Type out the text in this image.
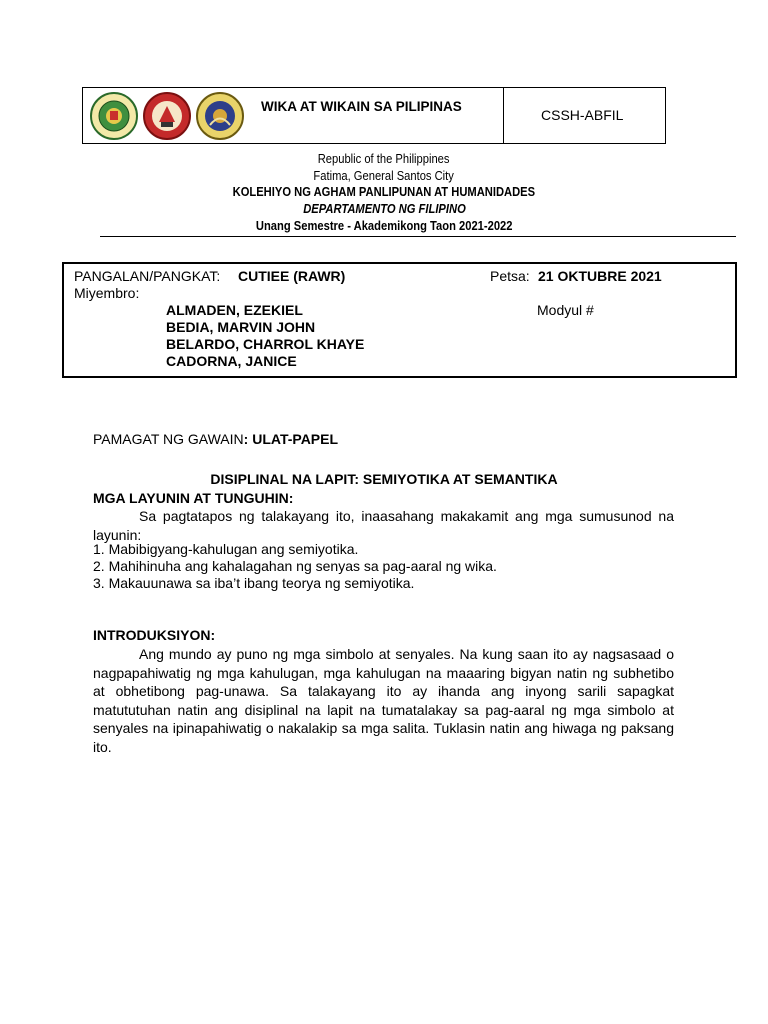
WIKA AT WIKAIN SA PILIPINAS
CSSH-ABFIL
Republic of the Philippines
Fatima, General Santos City
KOLEHIYO NG AGHAM PANLIPUNAN AT HUMANIDADES
DEPARTAMENTO NG FILIPINO
Unang Semestre - Akademikong Taon 2021-2022
PANGALAN/PANGKAT: CUTIEE (RAWR)	Petsa: 21 OKTUBRE 2021
Miyembro:
ALMADEN, EZEKIEL
BEDIA, MARVIN JOHN
BELARDO, CHARROL KHAYE
CADORNA, JANICE
Modyul #
PAMAGAT NG GAWAIN: ULAT-PAPEL
DISIPLINAL NA LAPIT: SEMIYOTIKA AT SEMANTIKA
MGA LAYUNIN AT TUNGUHIN:
Sa pagtatapos ng talakayang ito, inaasahang makakamit ang mga sumusunod na layunin:
1. Mabibigyang-kahulugan ang semiyotika.
2. Mahihinuha ang kahalagahan ng senyas sa pag-aaral ng wika.
3. Makauunawa sa iba’t ibang teorya ng semiyotika.
INTRODUKSIYON:
Ang mundo ay puno ng mga simbolo at senyales. Na kung saan ito ay nagsasaad o nagpapahiwatig ng mga kahulugan, mga kahulugan na maaaring bigyan natin ng subhetibo at obhetibong pag-unawa. Sa talakayang ito ay ihanda ang inyong sarili sapagkat matututuhan natin ang disiplinal na lapit na tumatalakay sa pag-aaral ng mga simbolo at senyales na ipinapahiwatig o nakalakip sa mga salita. Tuklasin natin ang hiwaga ng paksang ito.
